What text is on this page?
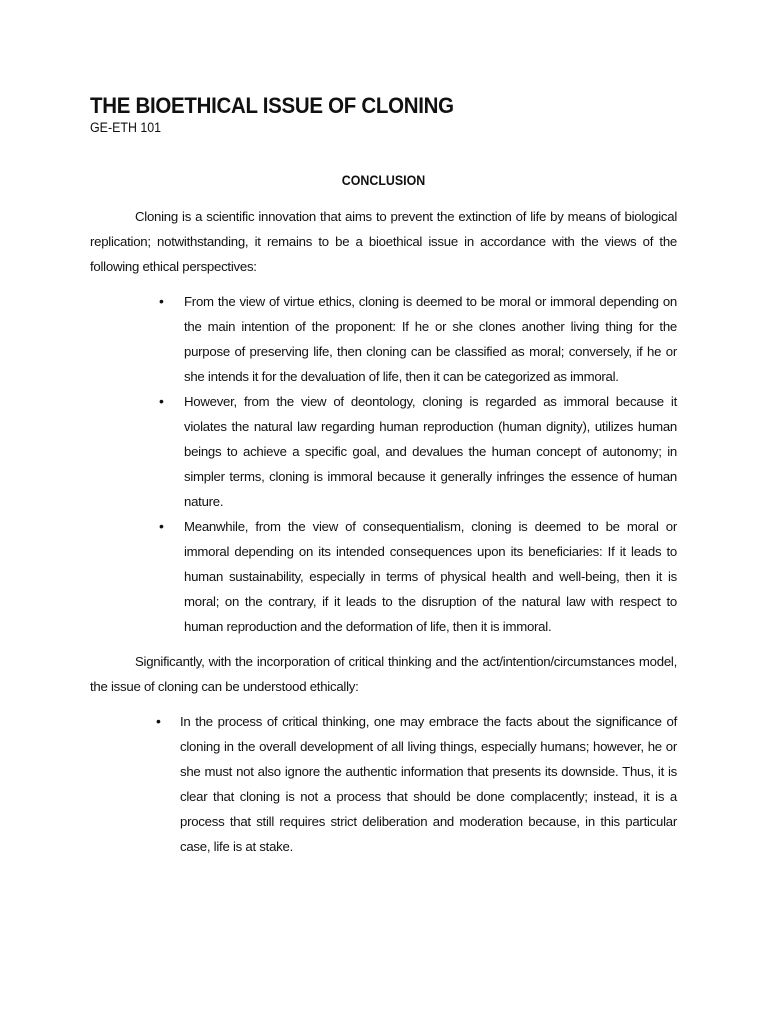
THE BIOETHICAL ISSUE OF CLONING

GE-ETH 101

CONCLUSION

Cloning is a scientific innovation that aims to prevent the extinction of life by means of biological replication; notwithstanding, it remains to be a bioethical issue in accordance with the views of the following ethical perspectives:

• From the view of virtue ethics, cloning is deemed to be moral or immoral depending on the main intention of the proponent: If he or she clones another living thing for the purpose of preserving life, then cloning can be classified as moral; conversely, if he or she intends it for the devaluation of life, then it can be categorized as immoral.
• However, from the view of deontology, cloning is regarded as immoral because it violates the natural law regarding human reproduction (human dignity), utilizes human beings to achieve a specific goal, and devalues the human concept of autonomy; in simpler terms, cloning is immoral because it generally infringes the essence of human nature.
• Meanwhile, from the view of consequentialism, cloning is deemed to be moral or immoral depending on its intended consequences upon its beneficiaries: If it leads to human sustainability, especially in terms of physical health and well-being, then it is moral; on the contrary, if it leads to the disruption of the natural law with respect to human reproduction and the deformation of life, then it is immoral.

Significantly, with the incorporation of critical thinking and the act/intention/circumstances model, the issue of cloning can be understood ethically:

• In the process of critical thinking, one may embrace the facts about the significance of cloning in the overall development of all living things, especially humans; however, he or she must not also ignore the authentic information that presents its downside. Thus, it is clear that cloning is not a process that should be done complacently; instead, it is a process that still requires strict deliberation and moderation because, in this particular case, life is at stake.
